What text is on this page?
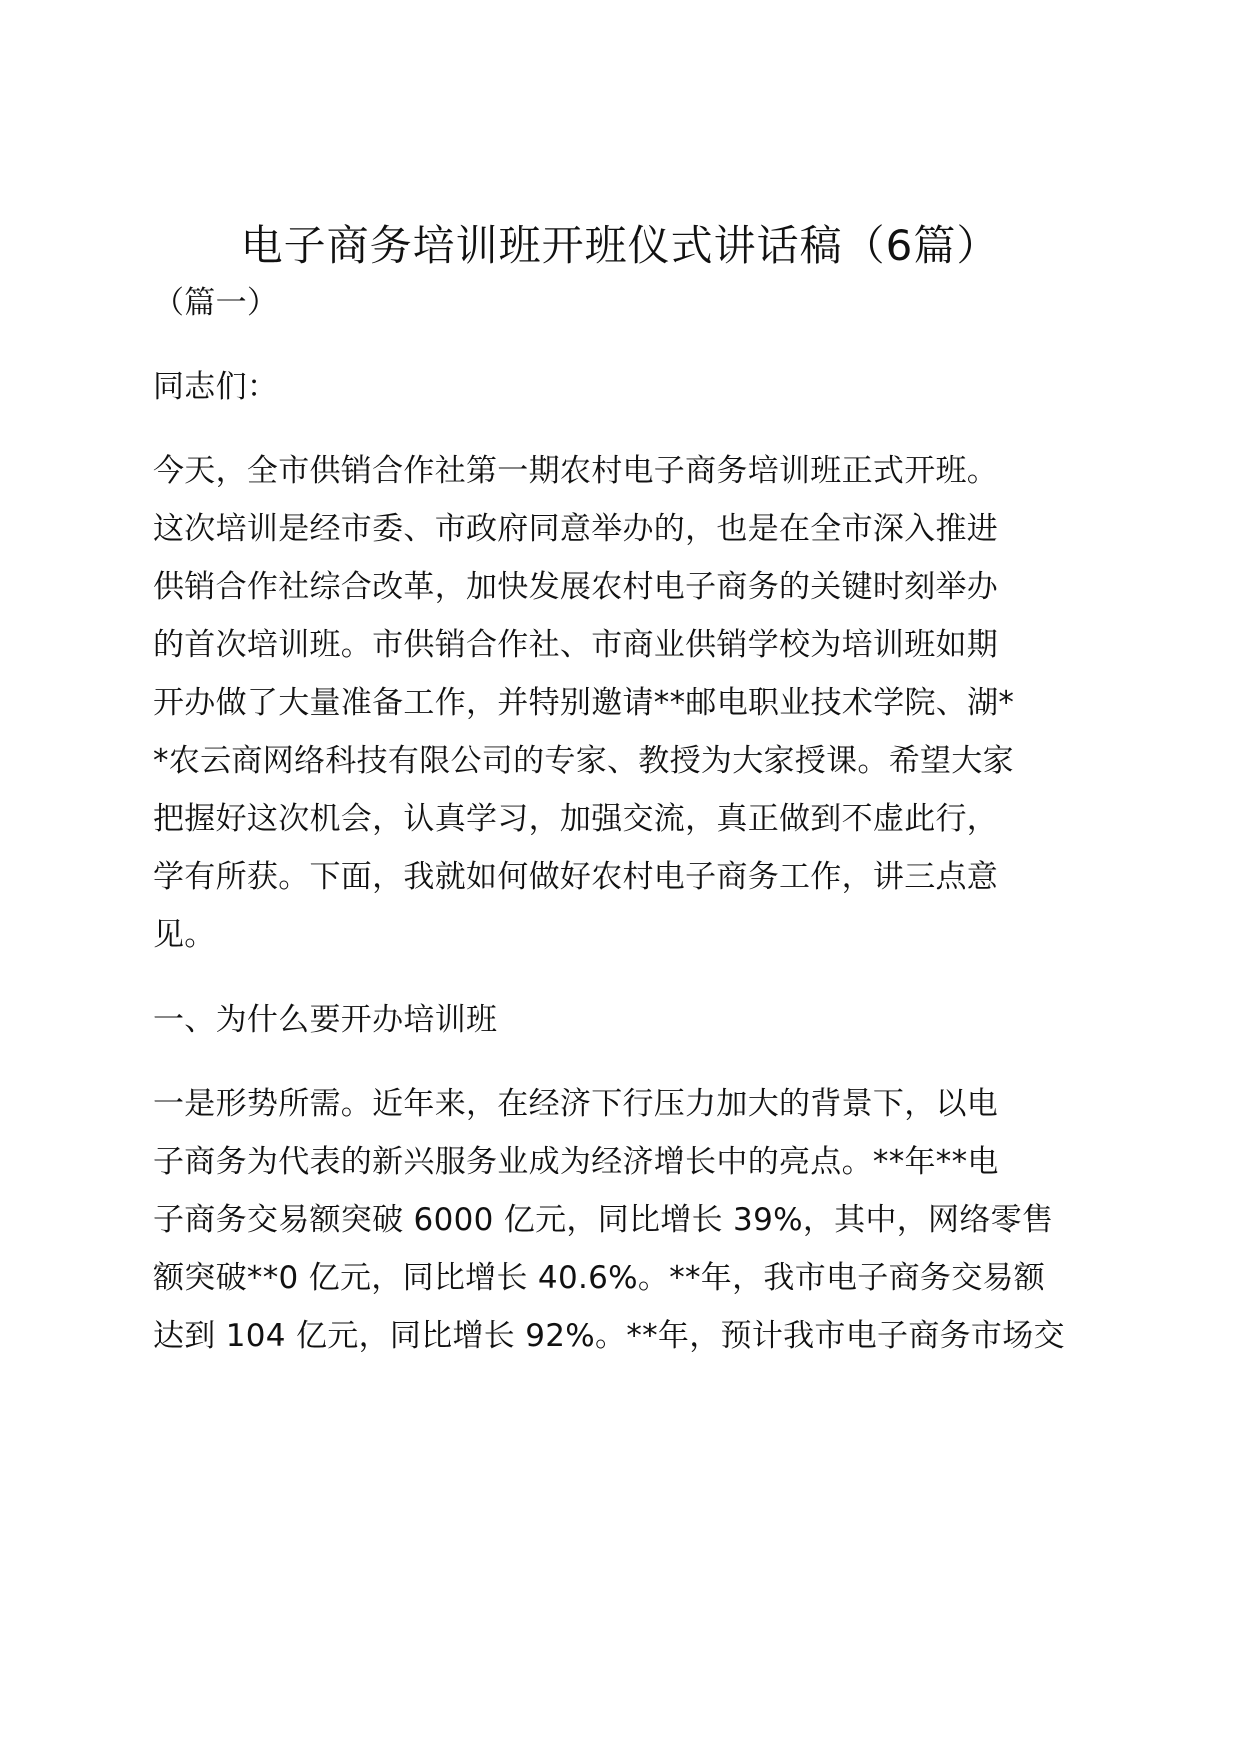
电子商务培训班开班仪式讲话稿（6篇）
（篇一）
同志们：
今天，全市供销合作社第一期农村电子商务培训班正式开班。
这次培训是经市委、市政府同意举办的，也是在全市深入推进
供销合作社综合改革，加快发展农村电子商务的关键时刻举办
的首次培训班。市供销合作社、市商业供销学校为培训班如期
开办做了大量准备工作，并特别邀请**邮电职业技术学院、湖*
*农云商网络科技有限公司的专家、教授为大家授课。希望大家
把握好这次机会，认真学习，加强交流，真正做到不虚此行，
学有所获。下面，我就如何做好农村电子商务工作，讲三点意
见。
一、为什么要开办培训班
一是形势所需。近年来，在经济下行压力加大的背景下，以电
子商务为代表的新兴服务业成为经济增长中的亮点。**年**电
子商务交易额突破 6000 亿元，同比增长 39%，其中，网络零售
额突破**0 亿元，同比增长 40.6%。**年，我市电子商务交易额
达到 104 亿元，同比增长 92%。**年，预计我市电子商务市场交
